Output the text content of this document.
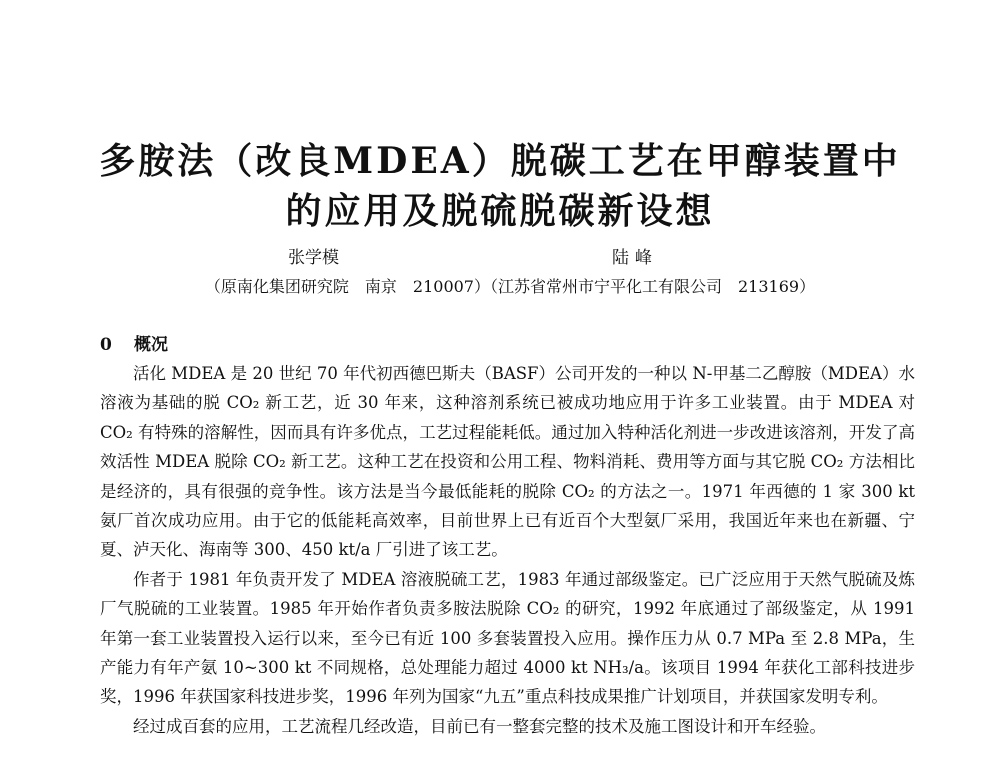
多胺法（改良MDEA）脱碳工艺在甲醇装置中
的应用及脱硫脱碳新设想
张学模	陆峰
（原南化集团研究院　南京　210007）（江苏省常州市宁平化工有限公司　213169）
0 概况

活化 MDEA 是 20 世纪 70 年代初西德巴斯夫（BASF）公司开发的一种以 N-甲基二乙醇胺（MDEA）水溶液为基础的脱 CO₂ 新工艺，近 30 年来，这种溶剂系统已被成功地应用于许多工业装置。由于 MDEA 对 CO₂ 有特殊的溶解性，因而具有许多优点，工艺过程能耗低。通过加入特种活化剂进一步改进该溶剂，开发了高效活性 MDEA 脱除 CO₂ 新工艺。这种工艺在投资和公用工程、物料消耗、费用等方面与其它脱 CO₂ 方法相比是经济的，具有很强的竞争性。该方法是当今最低能耗的脱除 CO₂ 的方法之一。1971 年西德的 1 家 300 kt 氨厂首次成功应用。由于它的低能耗高效率，目前世界上已有近百个大型氨厂采用，我国近年来也在新疆、宁夏、泸天化、海南等 300、450 kt/a 厂引进了该工艺。

作者于 1981 年负责开发了 MDEA 溶液脱硫工艺，1983 年通过部级鉴定。已广泛应用于天然气脱硫及炼厂气脱硫的工业装置。1985 年开始作者负责多胺法脱除 CO₂ 的研究，1992 年底通过了部级鉴定，从 1991 年第一套工业装置投入运行以来，至今已有近 100 多套装置投入应用。操作压力从 0.7 MPa 至 2.8 MPa，生产能力有年产氨 10~300 kt 不同规格，总处理能力超过 4000 kt NH₃/a。该项目 1994 年获化工部科技进步奖，1996 年获国家科技进步奖，1996 年列为国家“九五”重点科技成果推广计划项目，并获国家发明专利。

经过成百套的应用，工艺流程几经改造，目前已有一整套完整的技术及施工图设计和开车经验。
